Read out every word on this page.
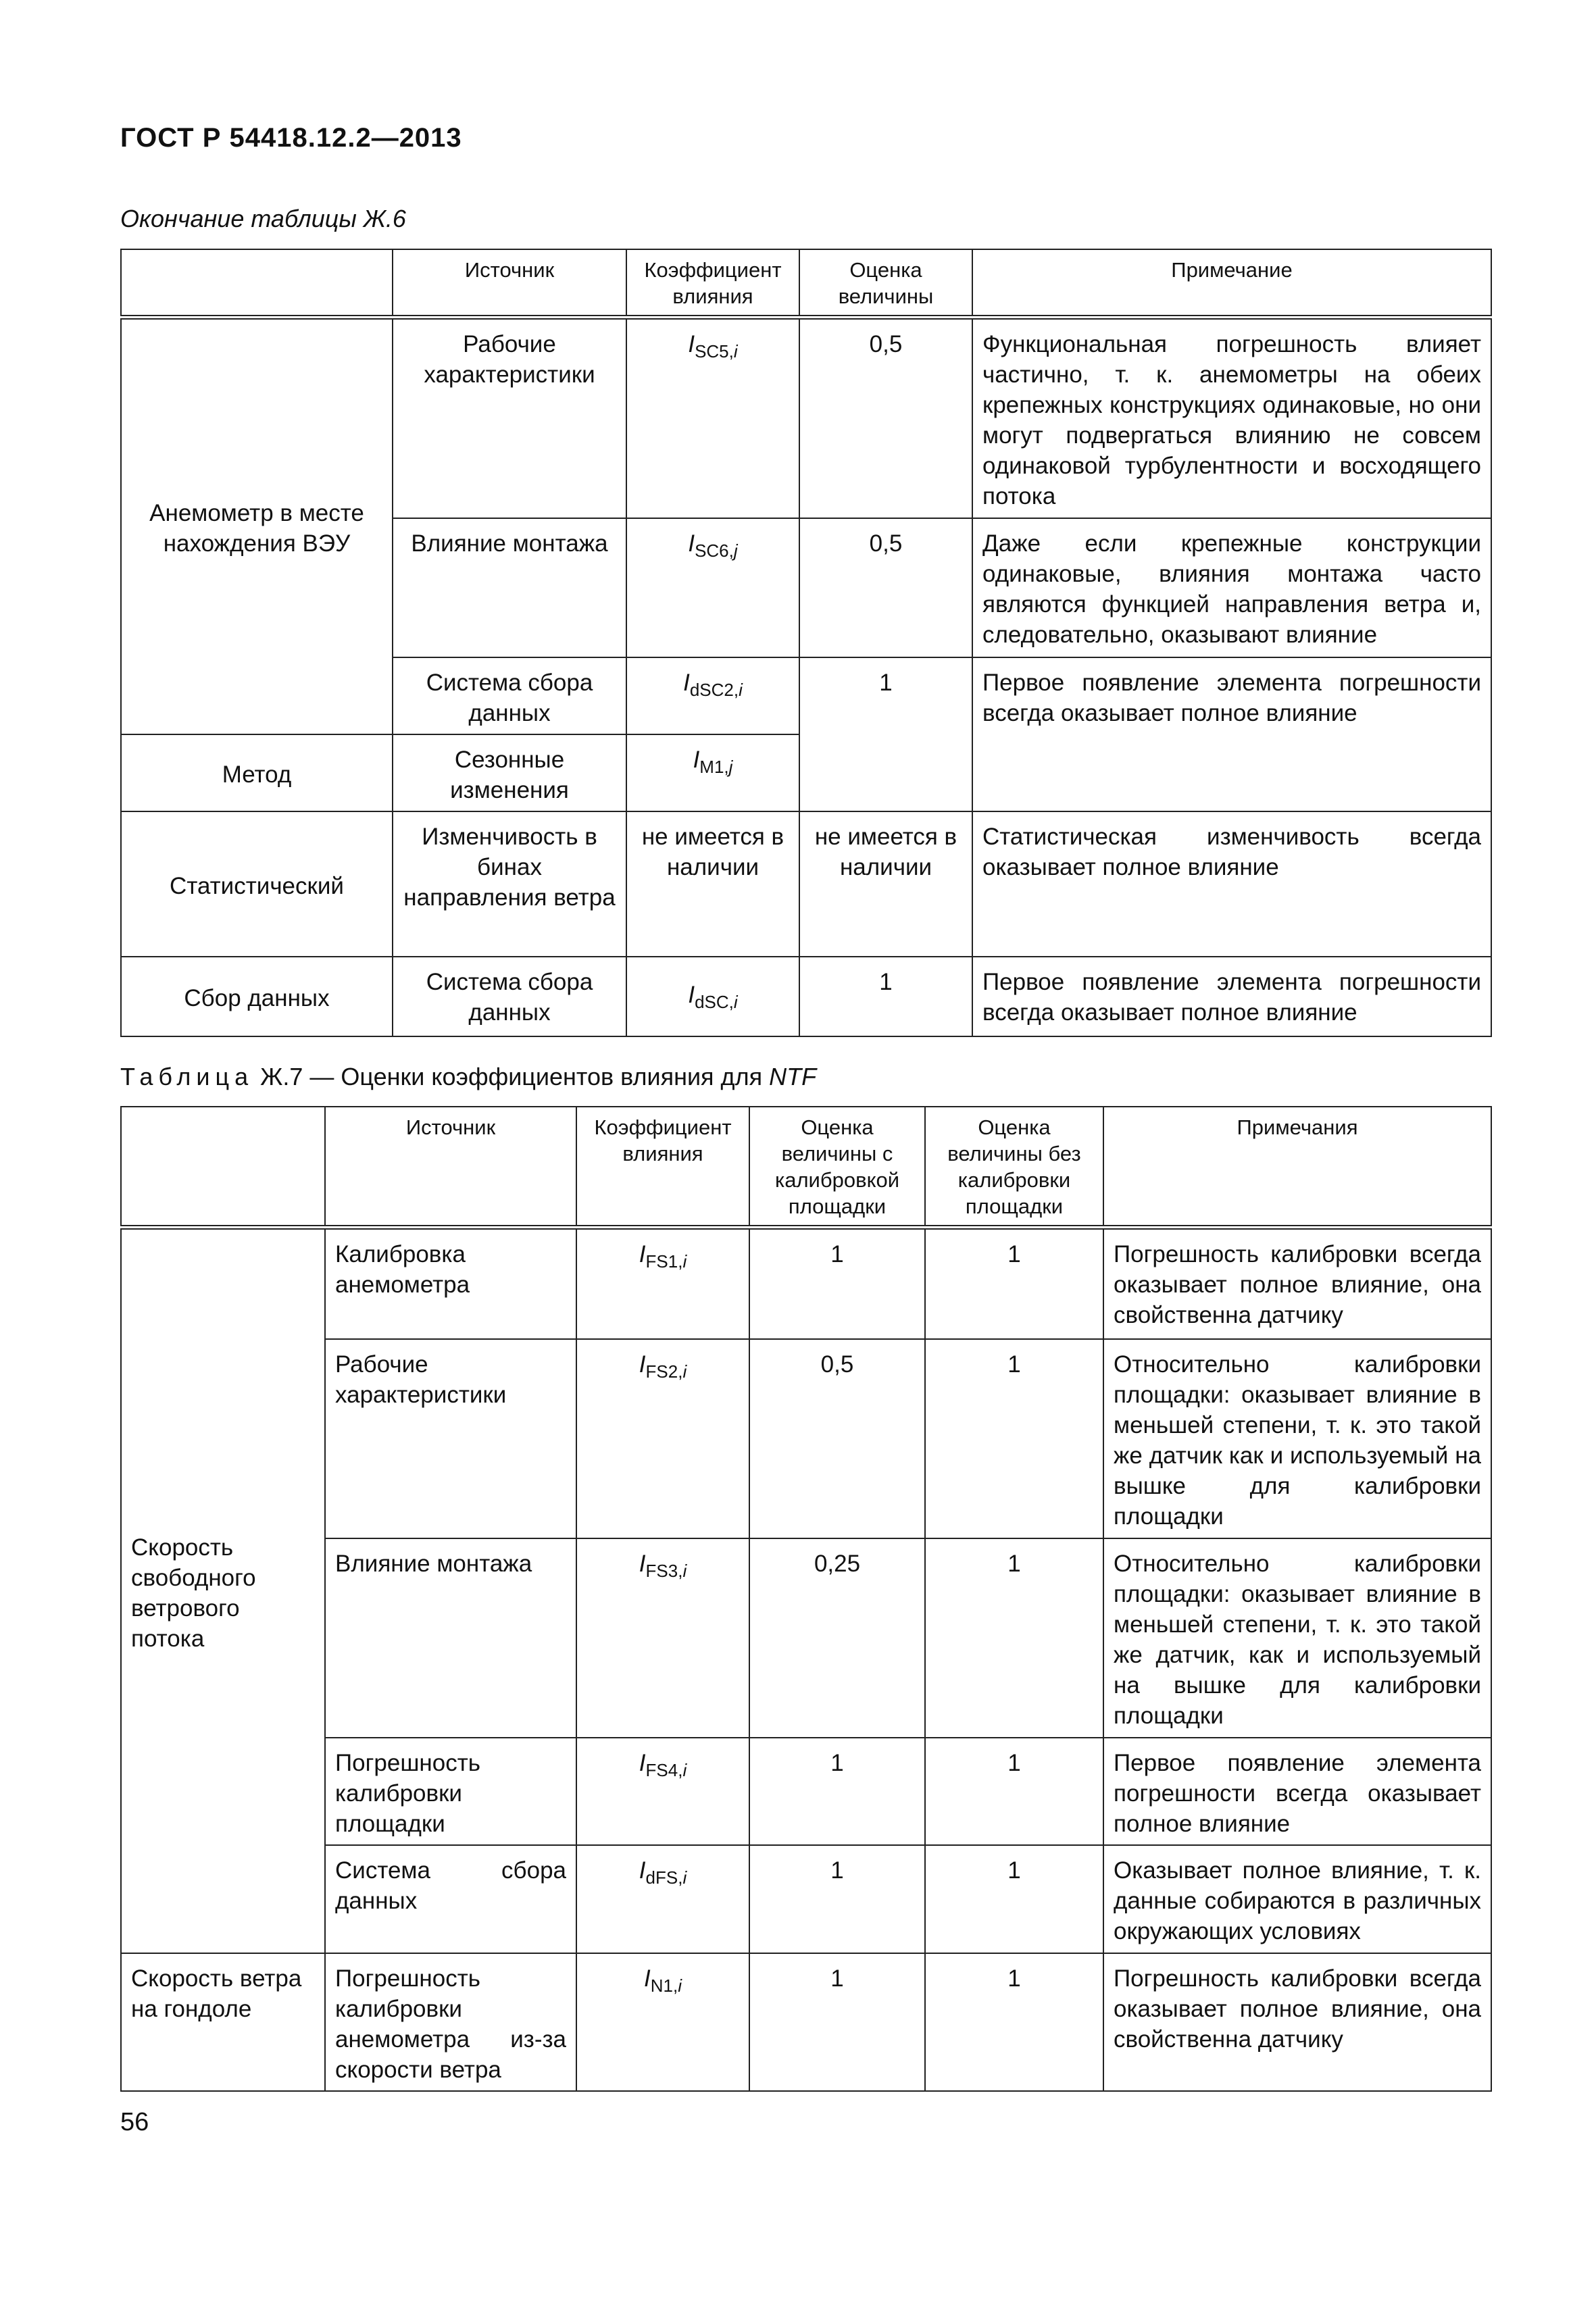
ГОСТ Р 54418.12.2—2013
Окончание таблицы Ж.6
	Источник	Коэффициент влияния	Оценка величины	Примечание
Анемометр в месте нахождения ВЭУ	Рабочие характеристики	$I_{SC5,i}$	0,5	Функциональная погрешность влияет частично, т. к. анемометры на обеих крепежных конструкциях одинаковые, но они могут подвергаться влиянию не совсем одинаковой турбулентности и восходящего потока
	Влияние монтажа	$I_{SC6,j}$	0,5	Даже если крепежные конструкции одинаковые, влияния монтажа часто являются функцией направления ветра и, следовательно, оказывают влияние
	Система сбора данных	$I_{dSC2,i}$	1	Первое появление элемента погрешности всегда оказывает полное влияние
Метод	Сезонные изменения	$I_{M1,j}$
Статистический	Изменчивость в бинах направления ветра	не имеется в наличии	не имеется в наличии	Статистическая изменчивость всегда оказывает полное влияние
Сбор данных	Система сбора данных	$I_{dSC,i}$	1	Первое появление элемента погрешности всегда оказывает полное влияние
Таблица Ж.7 — Оценки коэффициентов влияния для NTF
	Источник	Коэффициент влияния	Оценка величины с калибровкой площадки	Оценка величины без калибровки площадки	Примечания
Скорость свободного ветрового потока	Калибровка анемометра	$I_{FS1,i}$	1	1	Погрешность калибровки всегда оказывает полное влияние, она свойственна датчику
	Рабочие характеристики	$I_{FS2,i}$	0,5	1	Относительно калибровки площадки: оказывает влияние в меньшей степени, т. к. это такой же датчик как и используемый на вышке для калибровки площадки
	Влияние монтажа	$I_{FS3,i}$	0,25	1	Относительно калибровки площадки: оказывает влияние в меньшей степени, т. к. это такой же датчик, как и используемый на вышке для калибровки площадки
	Погрешность калибровки площадки	$I_{FS4,i}$	1	1	Первое появление элемента погрешности всегда оказывает полное влияние
	Система сбора данных	$I_{dFS,i}$	1	1	Оказывает полное влияние, т. к. данные собираются в различных окружающих условиях
Скорость ветра на гондоле	Погрешность калибровки анемометра из-за скорости ветра	$I_{N1,i}$	1	1	Погрешность калибровки всегда оказывает полное влияние, она свойственна датчику
56
